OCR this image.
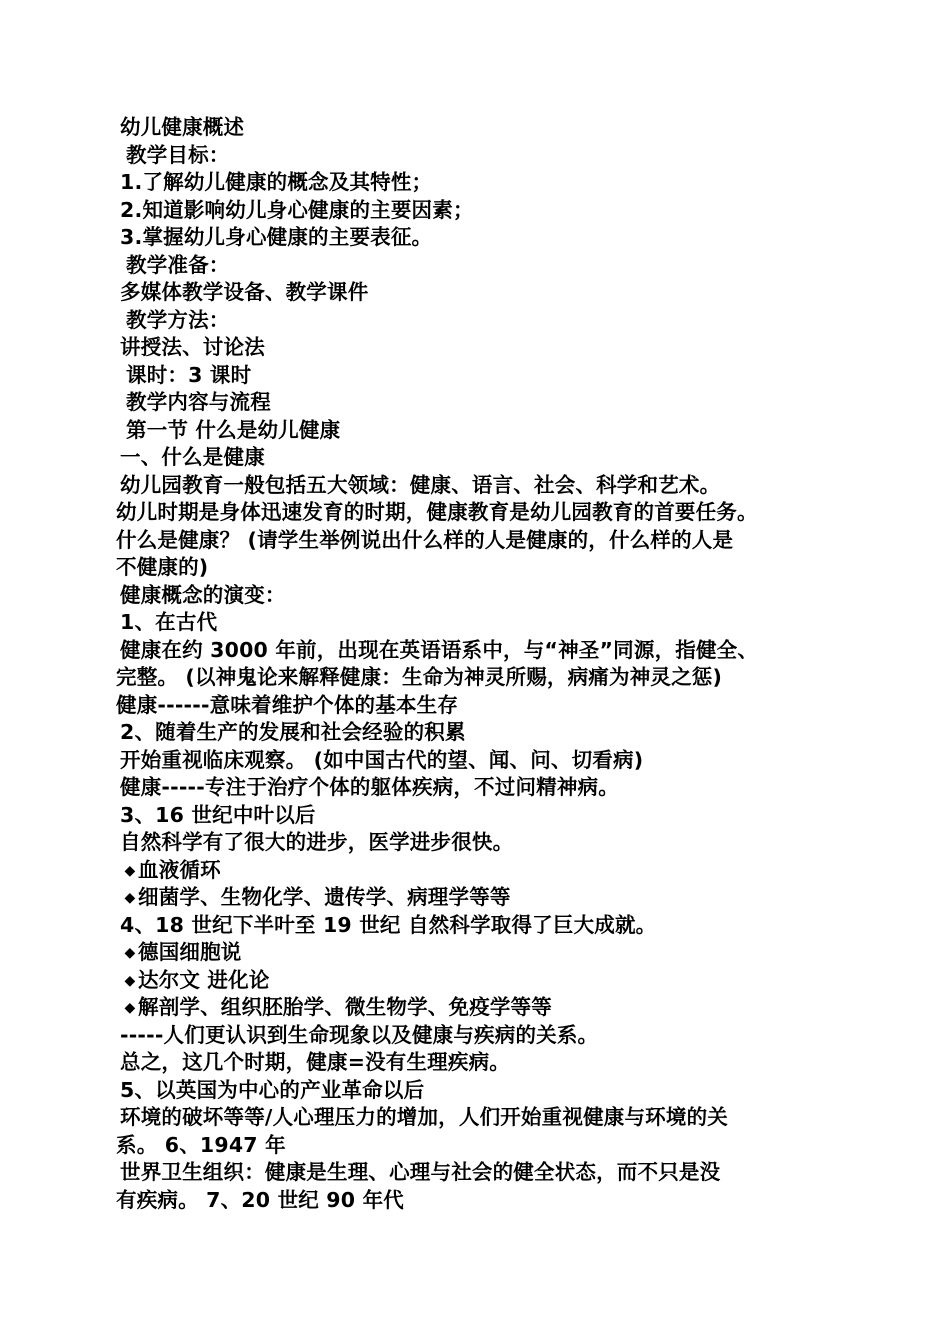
幼儿健康概述
教学目标：
1.了解幼儿健康的概念及其特性；
2.知道影响幼儿身心健康的主要因素；
3.掌握幼儿身心健康的主要表征。
教学准备：
多媒体教学设备、教学课件
教学方法：
讲授法、讨论法
课时：3 课时
教学内容与流程
第一节 什么是幼儿健康
一、什么是健康
幼儿园教育一般包括五大领域：健康、语言、社会、科学和艺术。
幼儿时期是身体迅速发育的时期，健康教育是幼儿园教育的首要任务。
什么是健康？ (请学生举例说出什么样的人是健康的，什么样的人是
不健康的)
健康概念的演变：
1、在古代
健康在约 3000 年前，出现在英语语系中，与“神圣”同源，指健全、
完整。 (以神鬼论来解释健康：生命为神灵所赐，病痛为神灵之惩)
健康------意味着维护个体的基本生存
2、随着生产的发展和社会经验的积累
开始重视临床观察。 (如中国古代的望、闻、问、切看病)
健康-----专注于治疗个体的躯体疾病，不过问精神病。
3、16 世纪中叶以后
自然科学有了很大的进步，医学进步很快。
◆ 血液循环
◆ 细菌学、生物化学、遗传学、病理学等等
4、18 世纪下半叶至 19 世纪 自然科学取得了巨大成就。
◆ 德国细胞说
◆ 达尔文 进化论
◆ 解剖学、组织胚胎学、微生物学、免疫学等等
-----人们更认识到生命现象以及健康与疾病的关系。
总之，这几个时期，健康=没有生理疾病。
5、以英国为中心的产业革命以后
环境的破坏等等/人心理压力的增加，人们开始重视健康与环境的关
系。 6、1947 年
世界卫生组织：健康是生理、心理与社会的健全状态，而不只是没
有疾病。 7、20 世纪 90 年代
